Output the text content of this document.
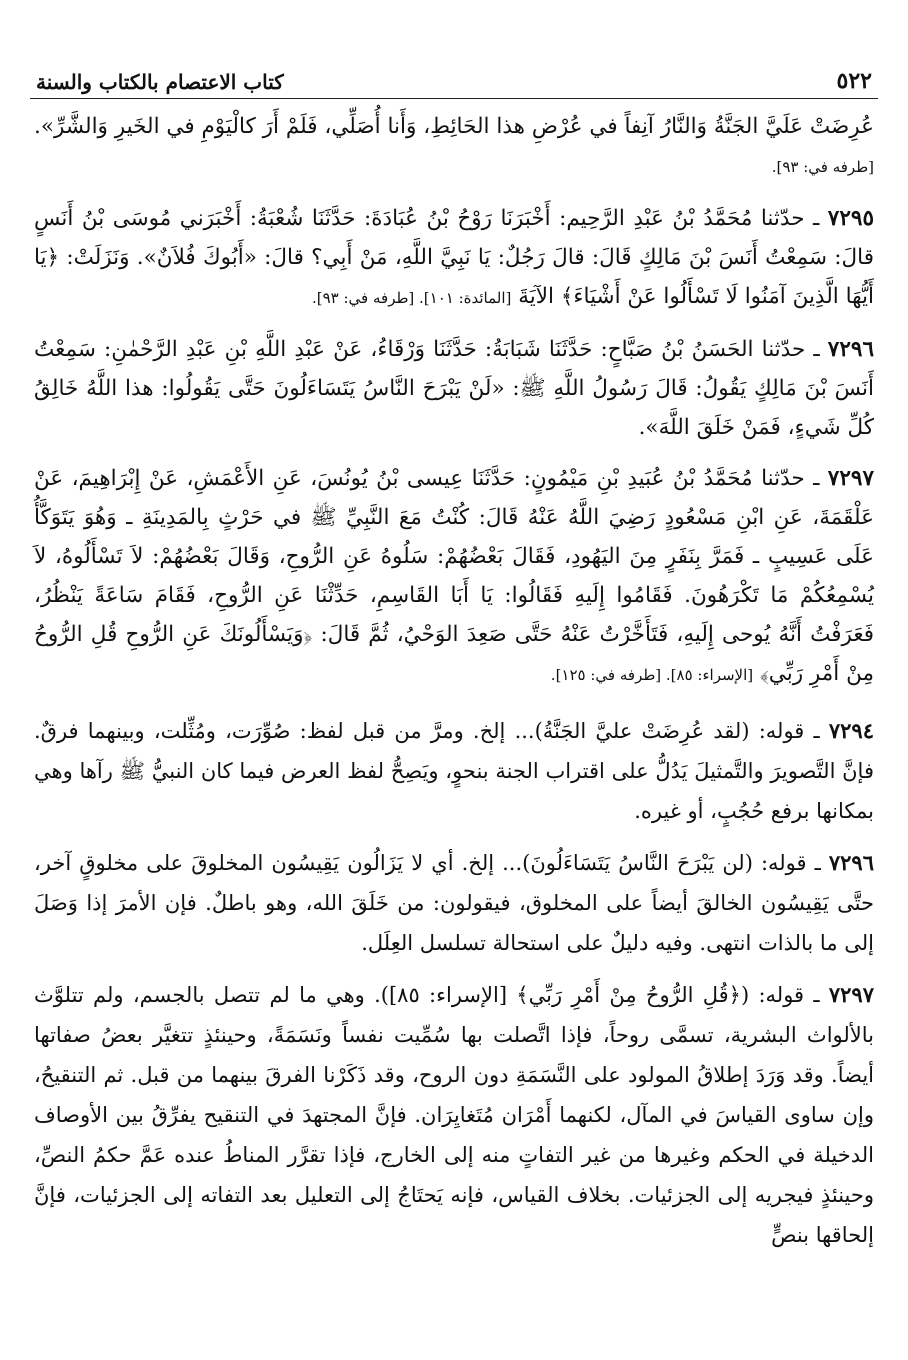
٥٢٢
كتاب الاعتصام بالكتاب والسنة

عُرِضَتْ عَلَيَّ الجَنَّةُ وَالنَّارُ آنِفاً في عُرْضِ هذا الحَائِطِ، وَأَنا أُصَلِّي، فَلَمْ أَرَ كالْيَوْمِ في الخَيرِ وَالشَّرِّ». [طرفه في: ٩٣].

٧٢٩٥ ـ حدّثنا مُحَمَّدُ بْنُ عَبْدِ الرَّحِيم: أَخْبَرَنَا رَوْحُ بْنُ عُبَادَةَ: حَدَّثَنَا شُعْبَةُ: أَخْبَرَني مُوسَى بْنُ أَنَسٍ قالَ: سَمِعْتُ أَنَسَ بْنَ مَالِكٍ قَالَ: قالَ رَجُلٌ: يَا نَبِيَّ اللَّهِ، مَنْ أَبِي؟ قالَ: «أَبُوكَ فُلاَنٌ». وَنَزَلَتْ: ﴿يَا أَيُّهَا الَّذِينَ آمَنُوا لَا تَسْأَلُوا عَنْ أَشْيَاءَ﴾ الآيَةَ [المائدة: ١٠١]. [طرفه في: ٩٣].

٧٢٩٦ ـ حدّثنا الحَسَنُ بْنُ صَبَّاحٍ: حَدَّثَنَا شَبَابَةُ: حَدَّثَنَا وَرْقَاءُ، عَنْ عَبْدِ اللَّهِ بْنِ عَبْدِ الرَّحْمٰنِ: سَمِعْتُ أَنَسَ بْنَ مَالِكٍ يَقُولُ: قَالَ رَسُولُ اللَّهِ ﷺ: «لَنْ يَبْرَحَ النَّاسُ يَتَسَاءَلُونَ حَتَّى يَقُولُوا: هذا اللَّهُ خَالِقُ كُلِّ شَيءٍ، فَمَنْ خَلَقَ اللَّهَ».

٧٢٩٧ ـ حدّثنا مُحَمَّدُ بْنُ عُبَيدِ بْنِ مَيْمُونٍ: حَدَّثَنَا عِيسى بْنُ يُونُسَ، عَنِ الأَعْمَشِ، عَنْ إِبْرَاهِيمَ، عَنْ عَلْقَمَةَ، عَنِ ابْنِ مَسْعُودٍ رَضِيَ اللَّهُ عَنْهُ قَالَ: كُنْتُ مَعَ النَّبِيِّ ﷺ في حَرْثٍ بِالمَدِينَةِ ـ وَهُوَ يَتَوَكَّأُ عَلَى عَسِيبٍ ـ فَمَرَّ بِنَفَرٍ مِنَ اليَهُودِ، فَقَالَ بَعْضُهُمْ: سَلُوهُ عَنِ الرُّوحِ، وَقَالَ بَعْضُهُمْ: لاَ تَسْأَلُوهُ، لاَ يُسْمِعُكُمْ مَا تَكْرَهُونَ. فَقَامُوا إِلَيهِ فَقَالُوا: يَا أَبَا القَاسِمِ، حَدِّثْنَا عَنِ الرُّوحِ، فَقَامَ سَاعَةً يَنْظُرُ، فَعَرَفْتُ أَنَّهُ يُوحى إِلَيهِ، فَتَأَخَّرْتُ عَنْهُ حَتَّى صَعِدَ الوَحْيُ، ثُمَّ قَالَ: ﴿وَيَسْأَلُونَكَ عَنِ الرُّوحِ قُلِ الرُّوحُ مِنْ أَمْرِ رَبِّي﴾ [الإسراء: ٨٥]. [طرفه في: ١٢٥].

٧٢٩٤ ـ قوله: (لقد عُرِضَتْ عليَّ الجَنَّةُ)... إلخ. ومرَّ من قبل لفظ: صُوِّرَت، ومُثِّلت، وبينهما فرقٌ. فإنَّ التَّصويرَ والتَّمثيلَ يَدُلُّ على اقتراب الجنة بنحوٍ، ويَصِحُّ لفظ العرض فيما كان النبيُّ ﷺ رآها وهي بمكانها برفع حُجُبٍ، أو غيره.

٧٢٩٦ ـ قوله: (لن يَبْرَحَ النَّاسُ يَتَسَاءَلُونَ)... إلخ. أي لا يَزَالُون يَقِيسُون المخلوقَ على مخلوقٍ آخر، حتَّى يَقِيسُون الخالقَ أيضاً على المخلوق، فيقولون: من خَلَقَ الله، وهو باطلٌ. فإن الأمرَ إذا وَصَلَ إلى ما بالذات انتهى. وفيه دليلٌ على استحالة تسلسل العِلَل.

٧٢٩٧ ـ قوله: (﴿قُلِ الرُّوحُ مِنْ أَمْرِ رَبِّي﴾ [الإسراء: ٨٥]). وهي ما لم تتصل بالجسم، ولم تتلوَّث بالألواث البشرية، تسمَّى روحاً، فإذا اتَّصلت بها سُمِّيت نفساً ونَسَمَةً، وحينئذٍ تتغيَّر بعضُ صفاتها أيضاً. وقد وَرَدَ إطلاقُ المولود على النَّسَمَةِ دون الروح، وقد ذَكَرْنا الفرقَ بينهما من قبل. ثم التنقيحُ، وإن ساوى القياسَ في المآل، لكنهما أَمْرَان مُتَغايِرَان. فإنَّ المجتهدَ في التنقيح يفرِّقُ بين الأوصاف الدخيلة في الحكم وغيرها من غير التفاتٍ منه إلى الخارج، فإذا تقرَّر المناطُ عنده عَمَّ حكمُ النصِّ، وحينئذٍ فيجريه إلى الجزئيات. بخلاف القياس، فإنه يَحتَاجُ إلى التعليل بعد التفاته إلى الجزئيات، فإنَّ إلحاقها بنصٍّ
